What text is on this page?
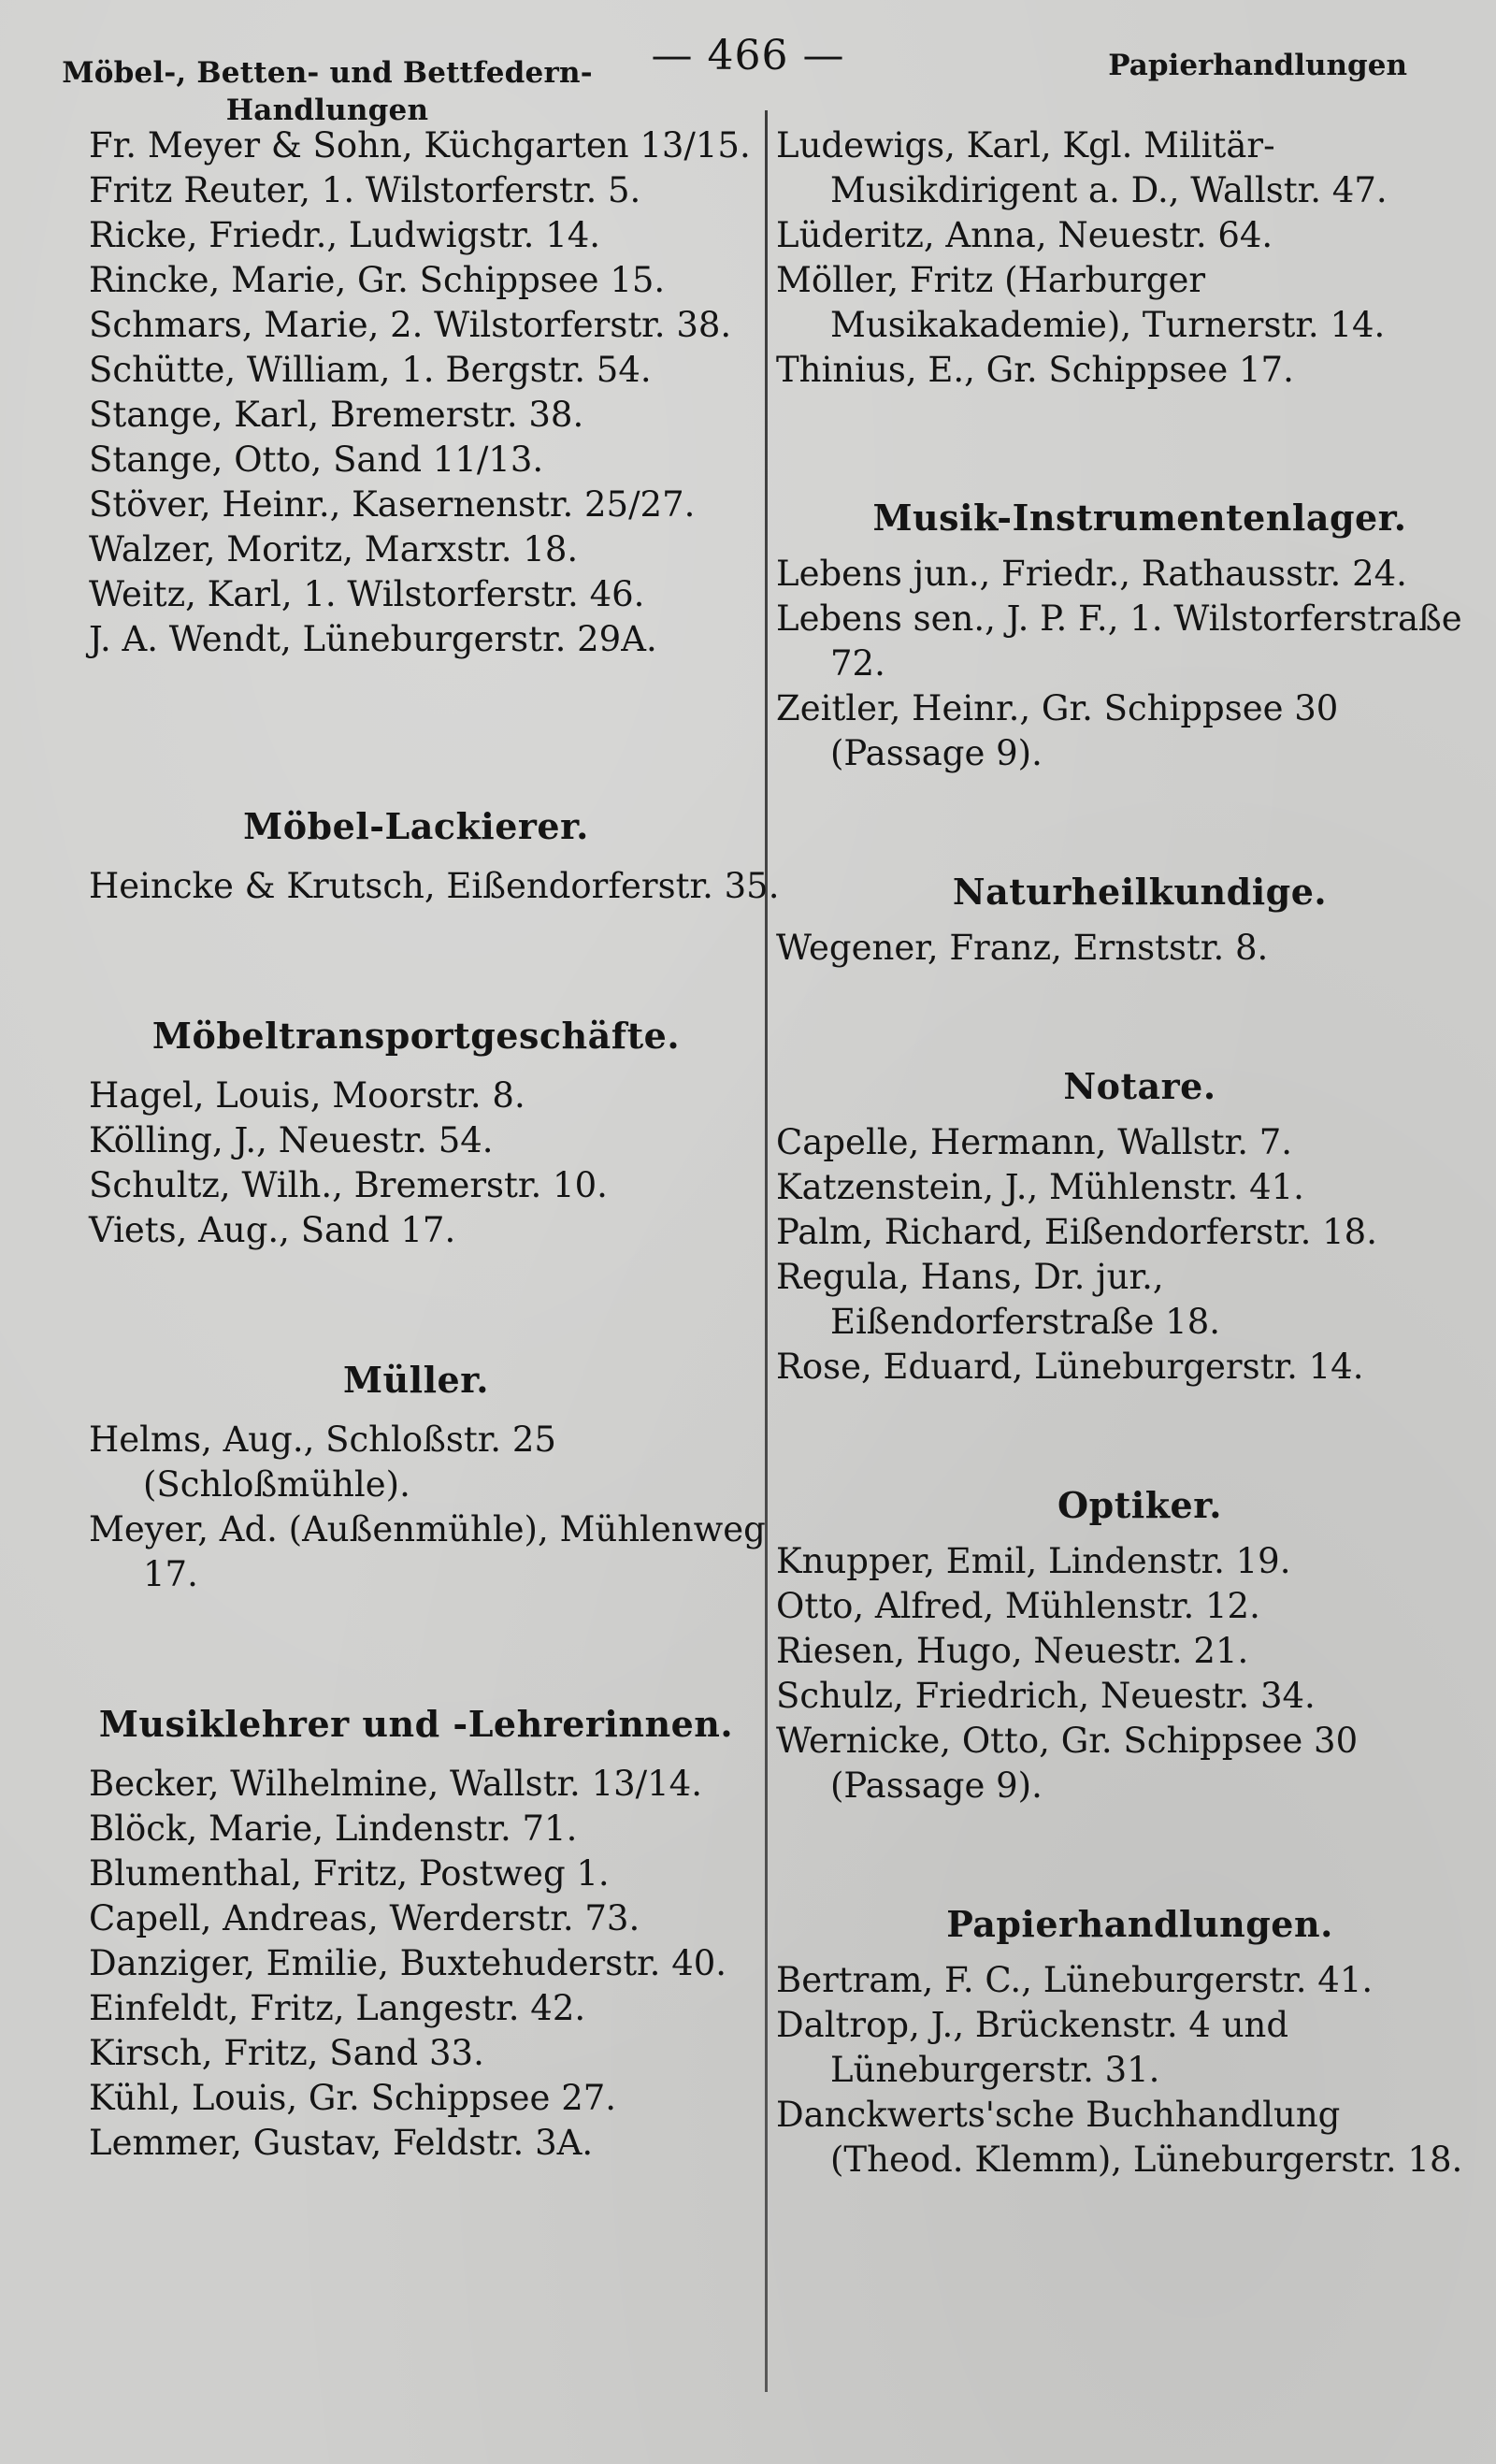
Möbel-, Betten- und Bettfedern-Handlungen
— 466 —	Papierhandlungen
Fr. Meyer & Sohn, Küchgarten 13/15.
Fritz Reuter, 1. Wilstorferstr. 5.
Ricke, Friedr., Ludwigstr. 14.
Rincke, Marie, Gr. Schippsee 15.
Schmars, Marie, 2. Wilstorferstr. 38.
Schütte, William, 1. Bergstr. 54.
Stange, Karl, Bremerstr. 38.
Stange, Otto, Sand 11/13.
Stöver, Heinr., Kasernenstr. 25/27.
Walzer, Moritz, Marxstr. 18.
Weitz, Karl, 1. Wilstorferstr. 46.
J. A. Wendt, Lüneburgerstr. 29A.
Möbel-Lackierer.
Heincke & Krutsch, Eißendorferstr. 35.
Möbeltransportgeschäfte.
Hagel, Louis, Moorstr. 8.
Kölling, J., Neuestr. 54.
Schultz, Wilh., Bremerstr. 10.
Viets, Aug., Sand 17.
Müller.
Helms, Aug., Schloßstr. 25 (Schloßmühle).
Meyer, Ad. (Außenmühle), Mühlenweg 17.
Musiklehrer und -Lehrerinnen.
Becker, Wilhelmine, Wallstr. 13/14.
Blöck, Marie, Lindenstr. 71.
Blumenthal, Fritz, Postweg 1.
Capell, Andreas, Werderstr. 73.
Danziger, Emilie, Buxtehuderstr. 40.
Einfeldt, Fritz, Langestr. 42.
Kirsch, Fritz, Sand 33.
Kühl, Louis, Gr. Schippsee 27.
Lemmer, Gustav, Feldstr. 3A.
Ludewigs, Karl, Kgl. Militär-Musikdirigent a. D., Wallstr. 47.
Lüderitz, Anna, Neuestr. 64.
Möller, Fritz (Harburger Musikakademie), Turnerstr. 14.
Thinius, E., Gr. Schippsee 17.
Musik-Instrumentenlager.
Lebens jun., Friedr., Rathausstr. 24.
Lebens sen., J. P. F., 1. Wilstorferstraße 72.
Zeitler, Heinr., Gr. Schippsee 30 (Passage 9).
Naturheilkundige.
Wegener, Franz, Ernststr. 8.
Notare.
Capelle, Hermann, Wallstr. 7.
Katzenstein, J., Mühlenstr. 41.
Palm, Richard, Eißendorferstr. 18.
Regula, Hans, Dr. jur., Eißendorferstraße 18.
Rose, Eduard, Lüneburgerstr. 14.
Optiker.
Knupper, Emil, Lindenstr. 19.
Otto, Alfred, Mühlenstr. 12.
Riesen, Hugo, Neuestr. 21.
Schulz, Friedrich, Neuestr. 34.
Wernicke, Otto, Gr. Schippsee 30 (Passage 9).
Papierhandlungen.
Bertram, F. C., Lüneburgerstr. 41.
Daltrop, J., Brückenstr. 4 und Lüneburgerstr. 31.
Danckwerts'sche Buchhandlung (Theod. Klemm), Lüneburgerstr. 18.
